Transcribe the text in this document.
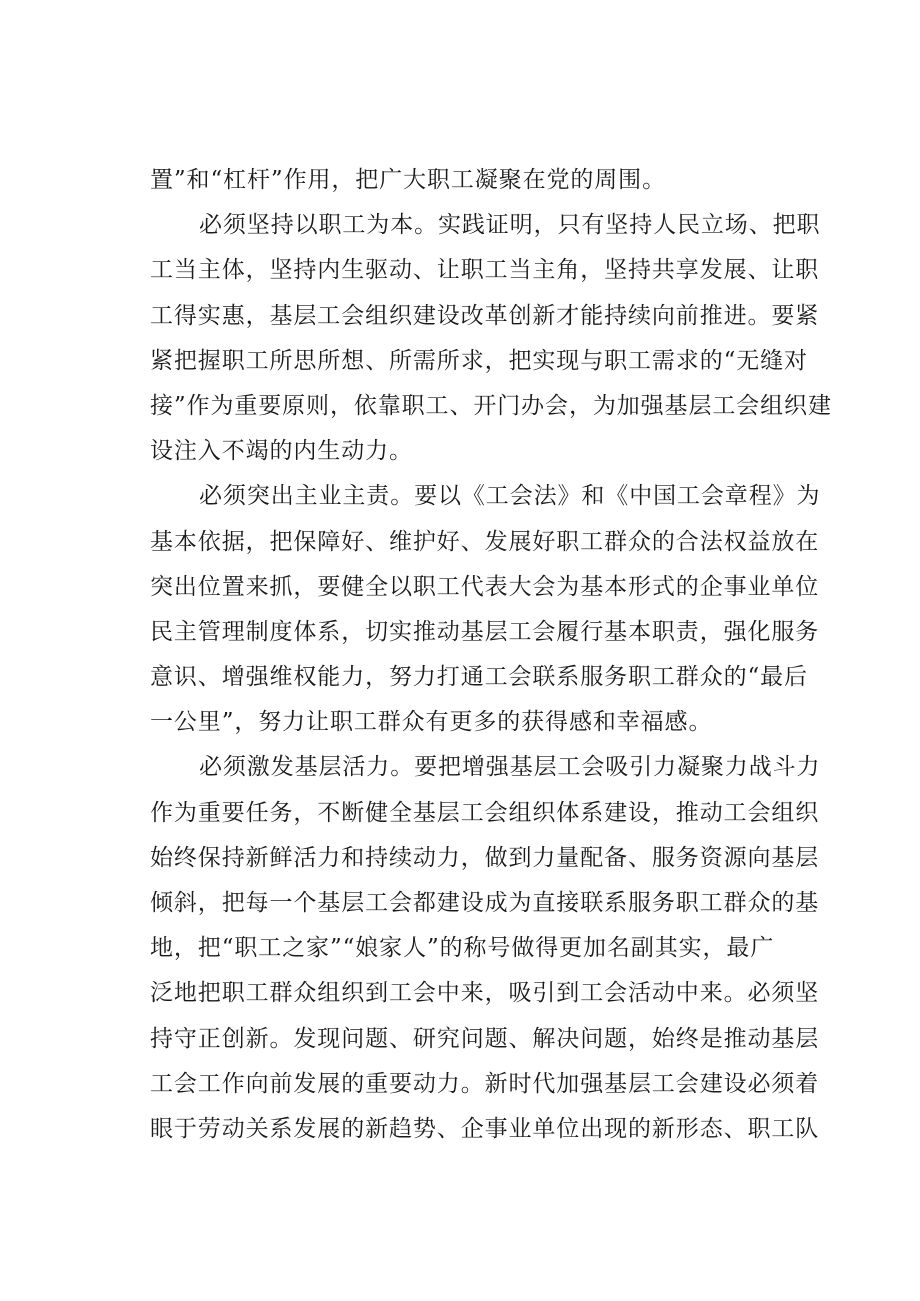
置”和“杠杆”作用，把广大职工凝聚在党的周围。
必须坚持以职工为本。实践证明，只有坚持人民立场、把职
工当主体，坚持内生驱动、让职工当主角，坚持共享发展、让职
工得实惠，基层工会组织建设改革创新才能持续向前推进。要紧
紧把握职工所思所想、所需所求，把实现与职工需求的“无缝对
接”作为重要原则，依靠职工、开门办会，为加强基层工会组织建
设注入不竭的内生动力。
必须突出主业主责。要以《工会法》和《中国工会章程》为
基本依据，把保障好、维护好、发展好职工群众的合法权益放在
突出位置来抓，要健全以职工代表大会为基本形式的企事业单位
民主管理制度体系，切实推动基层工会履行基本职责，强化服务
意识、增强维权能力，努力打通工会联系服务职工群众的“最后
一公里”，努力让职工群众有更多的获得感和幸福感。
必须激发基层活力。要把增强基层工会吸引力凝聚力战斗力
作为重要任务，不断健全基层工会组织体系建设，推动工会组织
始终保持新鲜活力和持续动力，做到力量配备、服务资源向基层
倾斜，把每一个基层工会都建设成为直接联系服务职工群众的基
地，把“职工之家”“娘家人”的称号做得更加名副其实，最广
泛地把职工群众组织到工会中来，吸引到工会活动中来。必须坚
持守正创新。发现问题、研究问题、解决问题，始终是推动基层
工会工作向前发展的重要动力。新时代加强基层工会建设必须着
眼于劳动关系发展的新趋势、企事业单位出现的新形态、职工队
